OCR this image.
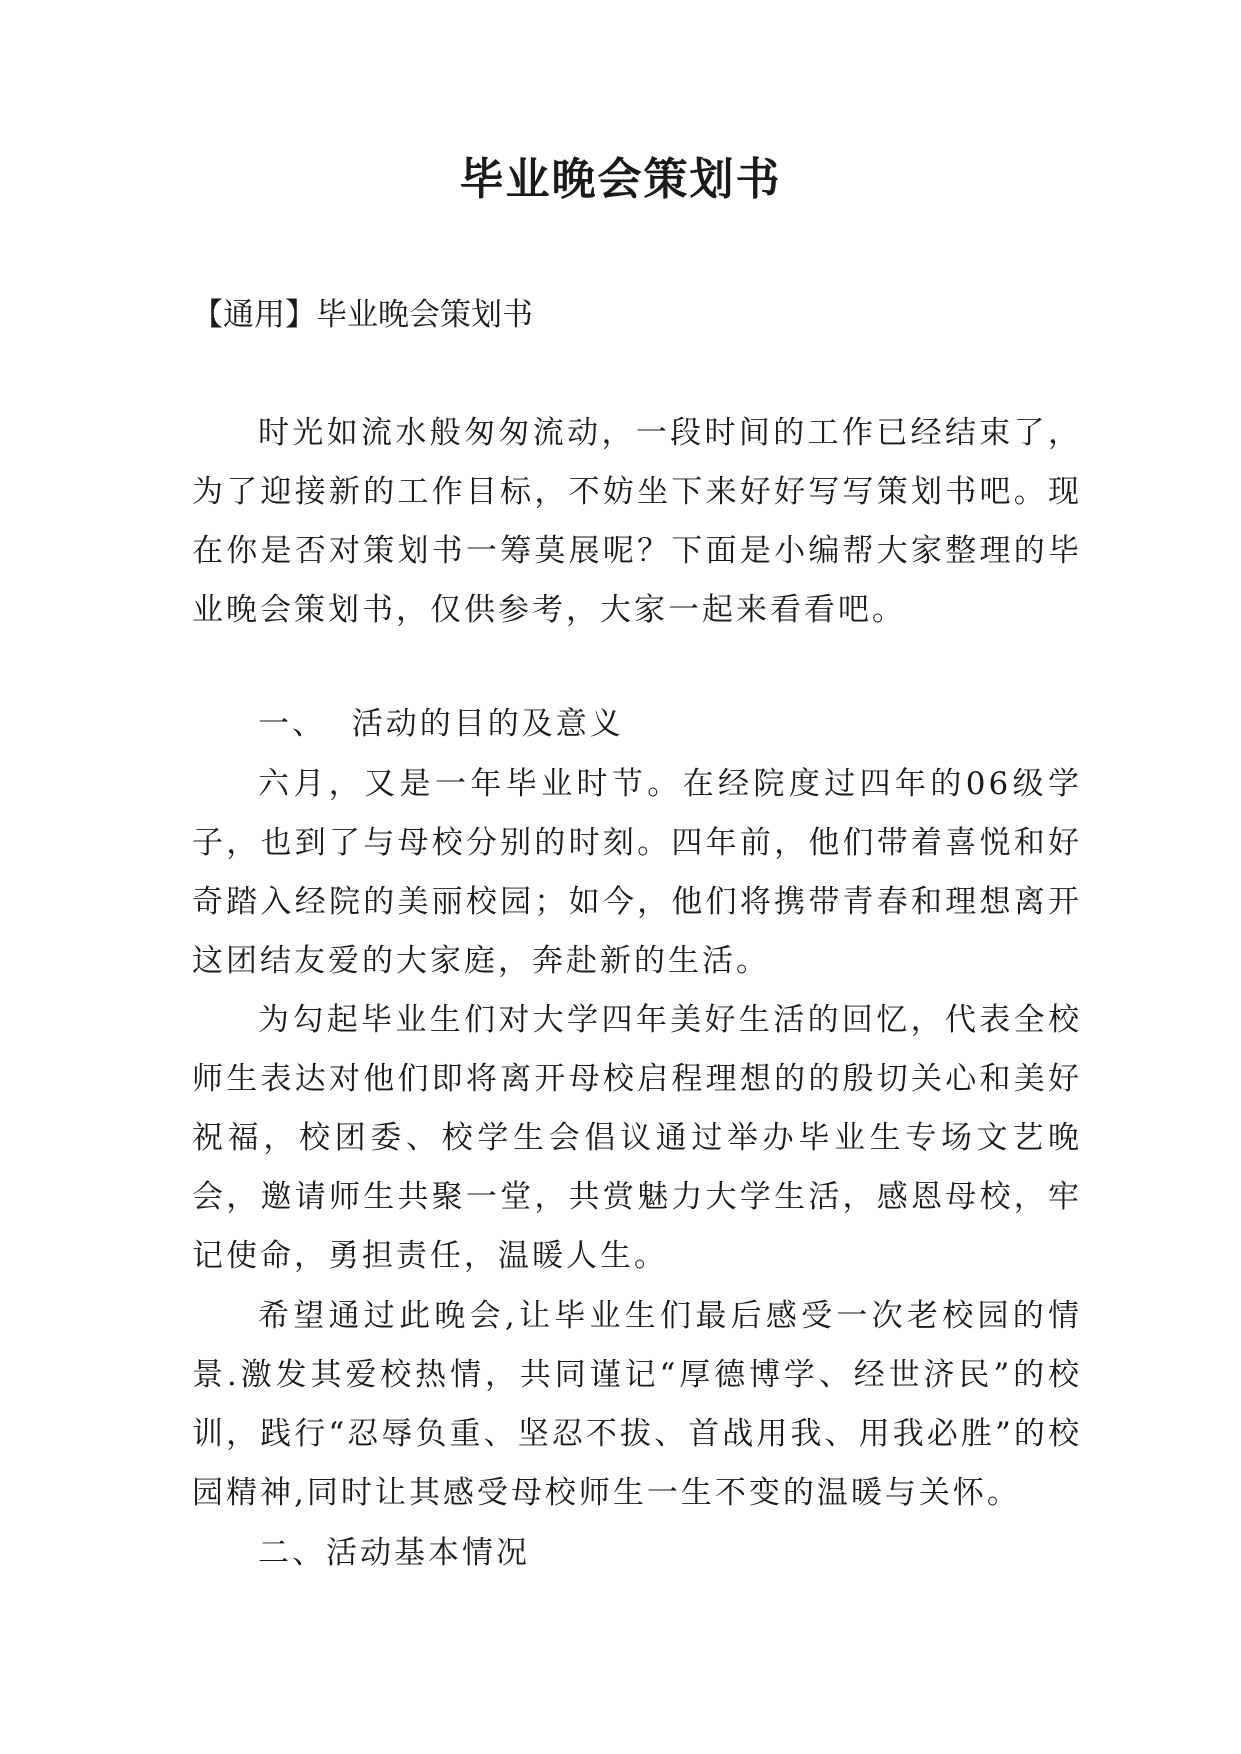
毕业晚会策划书

【通用】毕业晚会策划书

时光如流水般匆匆流动，一段时间的工作已经结束了，为了迎接新的工作目标，不妨坐下来好好写写策划书吧。现在你是否对策划书一筹莫展呢？下面是小编帮大家整理的毕业晚会策划书，仅供参考，大家一起来看看吧。

一、  活动的目的及意义

六月，又是一年毕业时节。在经院度过四年的06级学子，也到了与母校分别的时刻。四年前，他们带着喜悦和好奇踏入经院的美丽校园；如今，他们将携带青春和理想离开这团结友爱的大家庭，奔赴新的生活。

为勾起毕业生们对大学四年美好生活的回忆，代表全校师生表达对他们即将离开母校启程理想的的殷切关心和美好祝福，校团委、校学生会倡议通过举办毕业生专场文艺晚会，邀请师生共聚一堂，共赏魅力大学生活，感恩母校，牢记使命，勇担责任，温暖人生。

希望通过此晚会,让毕业生们最后感受一次老校园的情景.激发其爱校热情，共同谨记“厚德博学、经世济民”的校训，践行“忍辱负重、坚忍不拔、首战用我、用我必胜”的校园精神,同时让其感受母校师生一生不变的温暖与关怀。

二、活动基本情况
